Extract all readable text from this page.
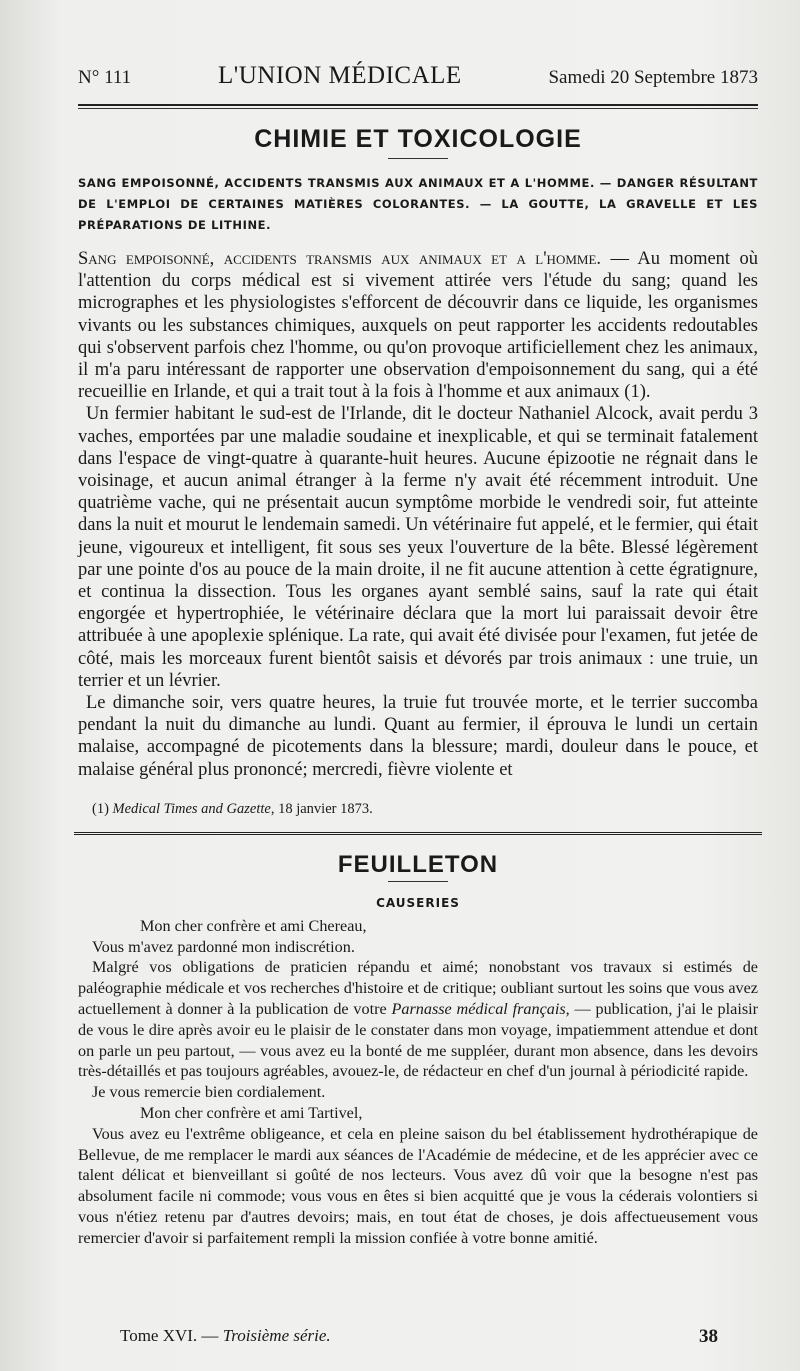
N° 111	L'UNION MÉDICALE	Samedi 20 Septembre 1873
CHIMIE ET TOXICOLOGIE
SANG EMPOISONNÉ, ACCIDENTS TRANSMIS AUX ANIMAUX ET A L'HOMME. — DANGER RÉSULTANT DE L'EMPLOI DE CERTAINES MATIÈRES COLORANTES. — LA GOUTTE, LA GRAVELLE ET LES PRÉPARATIONS DE LITHINE.

Sang empoisonné, accidents transmis aux animaux et a l'homme. — Au moment où l'attention du corps médical est si vivement attirée vers l'étude du sang; quand les micrographes et les physiologistes s'efforcent de découvrir dans ce liquide, les organismes vivants ou les substances chimiques, auxquels on peut rapporter les accidents redoutables qui s'observent parfois chez l'homme, ou qu'on provoque artificiellement chez les animaux, il m'a paru intéressant de rapporter une observation d'empoisonnement du sang, qui a été recueillie en Irlande, et qui a trait tout à la fois à l'homme et aux animaux (1).

Un fermier habitant le sud-est de l'Irlande, dit le docteur Nathaniel Alcock, avait perdu 3 vaches, emportées par une maladie soudaine et inexplicable, et qui se terminait fatalement dans l'espace de vingt-quatre à quarante-huit heures. Aucune épizootie ne régnait dans le voisinage, et aucun animal étranger à la ferme n'y avait été récemment introduit. Une quatrième vache, qui ne présentait aucun symptôme morbide le vendredi soir, fut atteinte dans la nuit et mourut le lendemain samedi. Un vétérinaire fut appelé, et le fermier, qui était jeune, vigoureux et intelligent, fit sous ses yeux l'ouverture de la bête. Blessé légèrement par une pointe d'os au pouce de la main droite, il ne fit aucune attention à cette égratignure, et continua la dissection. Tous les organes ayant semblé sains, sauf la rate qui était engorgée et hypertrophiée, le vétérinaire déclara que la mort lui paraissait devoir être attribuée à une apoplexie splénique. La rate, qui avait été divisée pour l'examen, fut jetée de côté, mais les morceaux furent bientôt saisis et dévorés par trois animaux : une truie, un terrier et un lévrier.

Le dimanche soir, vers quatre heures, la truie fut trouvée morte, et le terrier succomba pendant la nuit du dimanche au lundi. Quant au fermier, il éprouva le lundi un certain malaise, accompagné de picotements dans la blessure; mardi, douleur dans le pouce, et malaise général plus prononcé; mercredi, fièvre violente et

(1) Medical Times and Gazette, 18 janvier 1873.
FEUILLETON
CAUSERIES

Mon cher confrère et ami Chereau,

Vous m'avez pardonné mon indiscrétion.

Malgré vos obligations de praticien répandu et aimé; nonobstant vos travaux si estimés de paléographie médicale et vos recherches d'histoire et de critique; oubliant surtout les soins que vous avez actuellement à donner à la publication de votre Parnasse médical français, — publication, j'ai le plaisir de vous le dire après avoir eu le plaisir de le constater dans mon voyage, impatiemment attendue et dont on parle un peu partout, — vous avez eu la bonté de me suppléer, durant mon absence, dans les devoirs très-détaillés et pas toujours agréables, avouez-le, de rédacteur en chef d'un journal à périodicité rapide.

Je vous remercie bien cordialement.

Mon cher confrère et ami Tartivel,

Vous avez eu l'extrême obligeance, et cela en pleine saison du bel établissement hydrothérapique de Bellevue, de me remplacer le mardi aux séances de l'Académie de médecine, et de les apprécier avec ce talent délicat et bienveillant si goûté de nos lecteurs. Vous avez dû voir que la besogne n'est pas absolument facile ni commode; vous vous en êtes si bien acquitté que je vous la céderais volontiers si vous n'étiez retenu par d'autres devoirs; mais, en tout état de choses, je dois affectueusement vous remercier d'avoir si parfaitement rempli la mission confiée à votre bonne amitié.

Tome XVI. — Troisième série.	38
